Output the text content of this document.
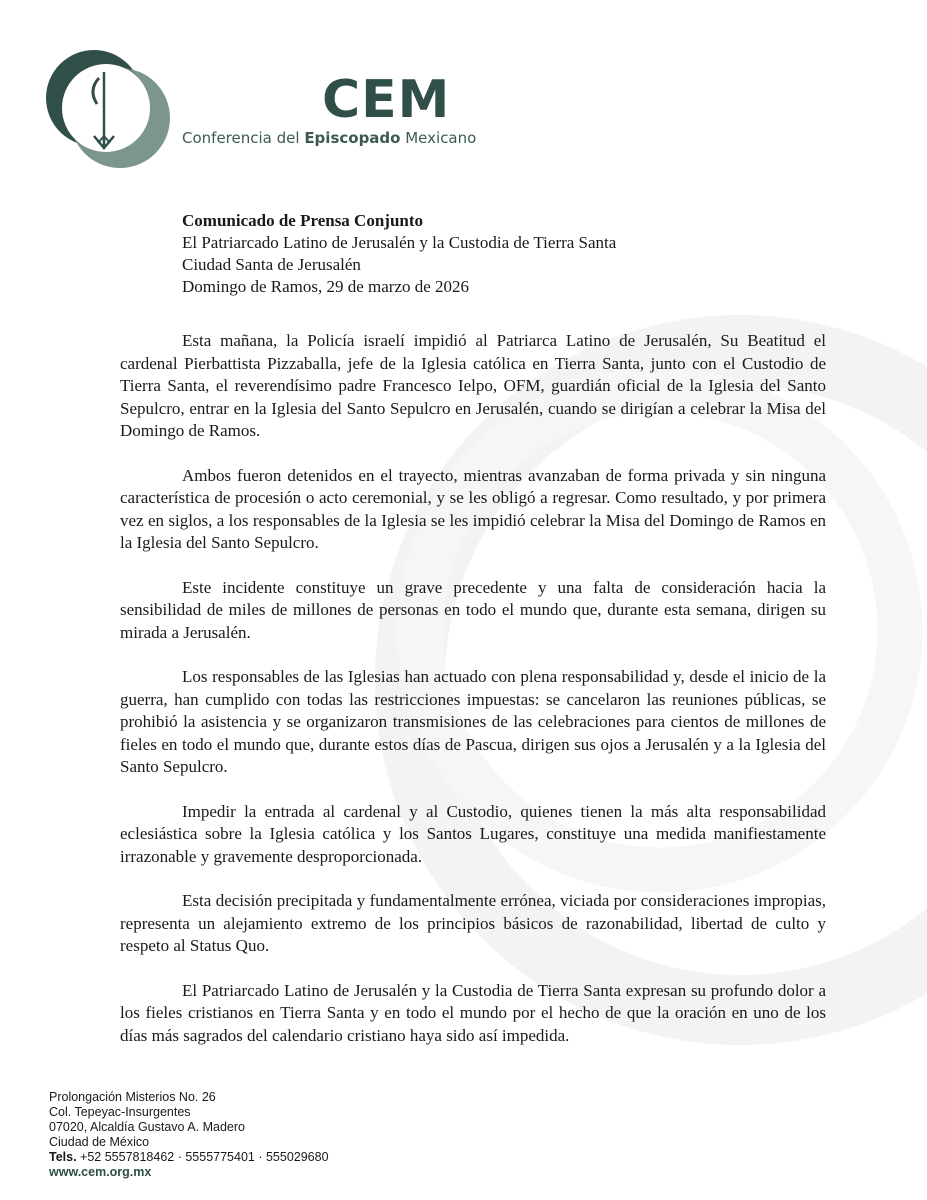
CEM
Conferencia del Episcopado Mexicano
Comunicado de Prensa Conjunto
El Patriarcado Latino de Jerusalén y la Custodia de Tierra Santa
Ciudad Santa de Jerusalén
Domingo de Ramos, 29 de marzo de 2026

Esta mañana, la Policía israelí impidió al Patriarca Latino de Jerusalén, Su Beatitud el cardenal Pierbattista Pizzaballa, jefe de la Iglesia católica en Tierra Santa, junto con el Custodio de Tierra Santa, el reverendísimo padre Francesco Ielpo, OFM, guardián oficial de la Iglesia del Santo Sepulcro, entrar en la Iglesia del Santo Sepulcro en Jerusalén, cuando se dirigían a celebrar la Misa del Domingo de Ramos.

Ambos fueron detenidos en el trayecto, mientras avanzaban de forma privada y sin ninguna característica de procesión o acto ceremonial, y se les obligó a regresar. Como resultado, y por primera vez en siglos, a los responsables de la Iglesia se les impidió celebrar la Misa del Domingo de Ramos en la Iglesia del Santo Sepulcro.

Este incidente constituye un grave precedente y una falta de consideración hacia la sensibilidad de miles de millones de personas en todo el mundo que, durante esta semana, dirigen su mirada a Jerusalén.

Los responsables de las Iglesias han actuado con plena responsabilidad y, desde el inicio de la guerra, han cumplido con todas las restricciones impuestas: se cancelaron las reuniones públicas, se prohibió la asistencia y se organizaron transmisiones de las celebraciones para cientos de millones de fieles en todo el mundo que, durante estos días de Pascua, dirigen sus ojos a Jerusalén y a la Iglesia del Santo Sepulcro.

Impedir la entrada al cardenal y al Custodio, quienes tienen la más alta responsabilidad eclesiástica sobre la Iglesia católica y los Santos Lugares, constituye una medida manifiestamente irrazonable y gravemente desproporcionada.

Esta decisión precipitada y fundamentalmente errónea, viciada por consideraciones impropias, representa un alejamiento extremo de los principios básicos de razonabilidad, libertad de culto y respeto al Status Quo.

El Patriarcado Latino de Jerusalén y la Custodia de Tierra Santa expresan su profundo dolor a los fieles cristianos en Tierra Santa y en todo el mundo por el hecho de que la oración en uno de los días más sagrados del calendario cristiano haya sido así impedida.

Prolongación Misterios No. 26
Col. Tepeyac-Insurgentes
07020, Alcaldía Gustavo A. Madero
Ciudad de México
Tels. +52 5557818462 · 5555775401 · 555029680
www.cem.org.mx
